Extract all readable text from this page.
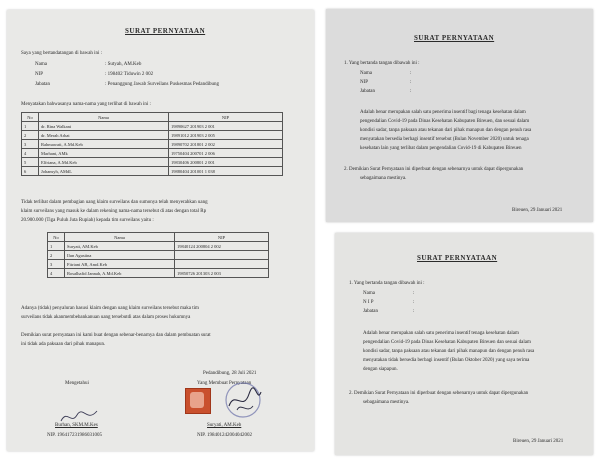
SURAT PERNYATAAN
Saya yang bertandatangan di bawah ini :
Nama	: Sutyah, AM.Keb
NIP	: 198402 Tiduwin 2 002
Jabatan	: Penanggung Jawab Surveilans Puskesmas Pedandibung
Menyatakan bahwasanya nama-nama yang terlihat di bawah ini :
No	Nama	NIP
1	dr. Rina Walkani	19890627 201903 2 001
2	dr. Merah Arhat	19891012 201903 2 005
3	Rahmawati, A.Md.Keb	19890702 201801 2 002
4	Marhani, AMk	19750404 200701 2 006
5	Elfriana, A.Md.Keb	19830406 200801 2 001
6	Johansyh, AMdL	19880404 201001 1 038
Tidak terlibat dalam pembagian uang klaim surveilans dan sumonya telah menyerahkan uang
klaim surveilans yang masuk ke dalam rekening nama-nama tersebut di atas dengan total Rp
20.900.000 (Tiga Puluh Juta Rupiah) kepada tim surveilans yaitu :
No	Nama	NIP
1	Suryati, AM.Keb	19840124 200804 2 002
2	Ilun Agustina	
3	Fitriani AB, Amd.Keb	
4	Rosalhafid Jannah, A.Md.Keb	19850726 201303 2 003
Adanya (tidak) penyaluran hasusi klaim dengan uang klaim surveilans tersebut maka tim
surveilans tidak akanmembebankanuan uang tersebutdi atas dalam proses hukumnya
Demikian surat pernyataan ini kami buat dengan sebenar-benarnya dan dalam pembuatan surat
ini tidak ada paksaan dari pihak manapun.
Pedandibung, 28 Juli 2021
Mengetahui	Yang Membuat Pernyataan
Burhan, SKM.M.Kes	Suryati, AM.Keb
NIP. 196417231986031005	NIP. 198401242004042002
SURAT PERNYATAAN
1. Yang bertanda tangan dibawah ini :
Nama	:
NIP	:
Jabatan	:
Adalah benar merupakan salah satu penerima insentif bagi tenaga kesehatan dalam
pengendalian Covid-19 pada Dinas Kesehatan Kabupaten Bireuen, dan sesuai dalam
kondisi sadar, tanpa paksaan atau tekanan dari pihak manapun dan dengan penuh rasa
menyatakan bersedia berhagi insentif tersebut (Bulan November 2020) untuk tenaga
kesehatan lain yang terlibat dalam pengendalian Covid-19 di Kabupaten Bireuen
2. Demikian Surat Pernyataan ini diperbuat dengan sebenarnya untuk dapat dipergunakan
sebagaimana mestinya.
Bireuen, 29 Januari 2021
SURAT PERNYATAAN
1. Yang bertanda tangan dibawah ini :
Nama	:
N I P	:
Jabatan	:
Adalah benar merupakan salah satu penerima insentif tenaga kesehatan dalam
pengendalian Covid-19 pada Dinas Kesehatan Kabupaten Bireuen dan sesuai dalam
kondisi sadar, tanpa paksaan atau tekanan dari pihak manapun dan dengan penuh rasa
menyatakan tidak bersedia berbagi insentif (Bulan Oktober 2020) yang saya terima
dengan siapapun.
2. Demikian Surat Pernyataan ini diperbuat dengan sebenarnya untuk dapat dipergunakan
sebagaimana mestinya.
Bireuen, 29 Januari 2021
